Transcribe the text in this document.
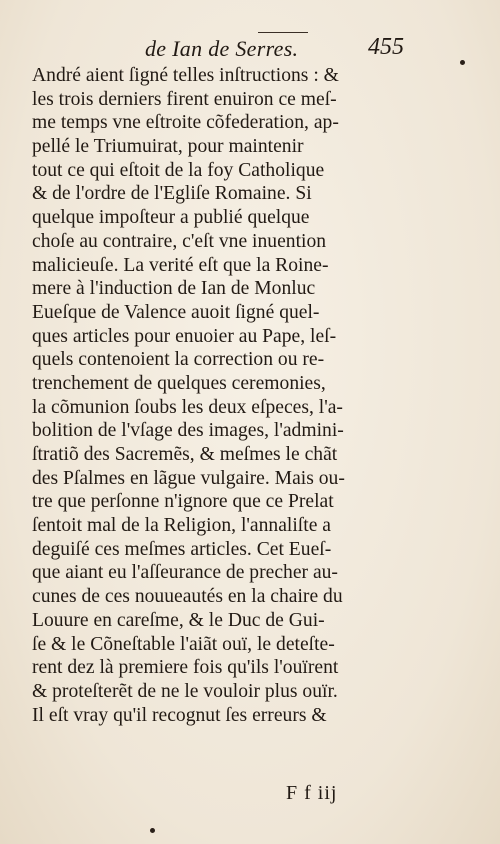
de Ian de Serres.	455
André aient ſigné telles inſtructions : &
les trois derniers firent enuiron ce meſ-
me temps vne eſtroite cõfederation, ap-
pellé le Triumuirat, pour maintenir
tout ce qui eſtoit de la foy Catholique
& de l'ordre de l'Egliſe Romaine. Si
quelque impoſteur a publié quelque
choſe au contraire, c'eſt vne inuention
malicieuſe. La verité eſt que la Roine-
mere à l'induction de Ian de Monluc
Eueſque de Valence auoit ſigné quel-
ques articles pour enuoier au Pape, leſ-
quels contenoient la correction ou re-
trenchement de quelques ceremonies,
la cõmunion ſoubs les deux eſpeces, l'a-
bolition de l'vſage des images, l'admini-
ſtratiõ des Sacremẽs, & meſmes le chãt
des Pſalmes en lãgue vulgaire. Mais ou-
tre que perſonne n'ignore que ce Prelat
ſentoit mal de la Religion, l'annaliſte a
deguiſé ces meſmes articles. Cet Eueſ-
que aiant eu l'aſſeurance de precher au-
cunes de ces nouueautés en la chaire du
Louure en careſme, & le Duc de Gui-
ſe & le Cõneſtable l'aiãt ouï, le deteſte-
rent dez là premiere fois qu'ils l'ouïrent
& proteſterẽt de ne le vouloir plus ouïr.
Il eſt vray qu'il recognut ſes erreurs &
F f iij
